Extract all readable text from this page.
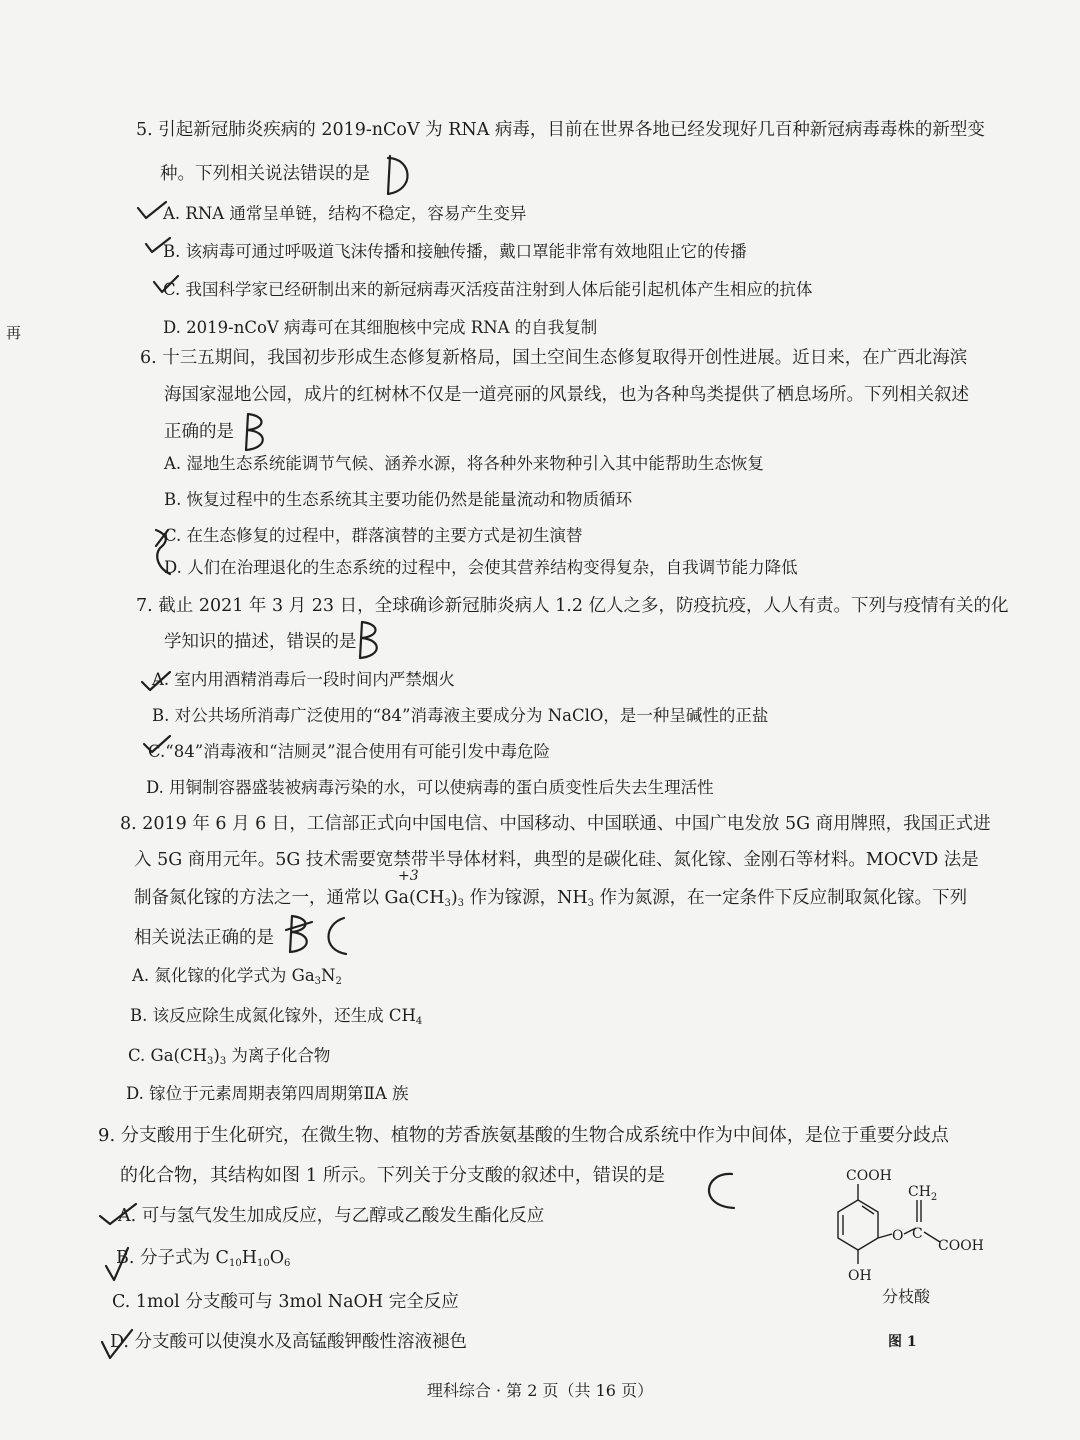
再
5. 引起新冠肺炎疾病的 2019-nCoV 为 RNA 病毒，目前在世界各地已经发现好几百种新冠病毒毒株的新型变
种。下列相关说法错误的是
A. RNA 通常呈单链，结构不稳定，容易产生变异
B. 该病毒可通过呼吸道飞沫传播和接触传播，戴口罩能非常有效地阻止它的传播
C. 我国科学家已经研制出来的新冠病毒灭活疫苗注射到人体后能引起机体产生相应的抗体
D. 2019-nCoV 病毒可在其细胞核中完成 RNA 的自我复制
6. 十三五期间，我国初步形成生态修复新格局，国土空间生态修复取得开创性进展。近日来，在广西北海滨
海国家湿地公园，成片的红树林不仅是一道亮丽的风景线，也为各种鸟类提供了栖息场所。下列相关叙述
正确的是
A. 湿地生态系统能调节气候、涵养水源，将各种外来物种引入其中能帮助生态恢复
B. 恢复过程中的生态系统其主要功能仍然是能量流动和物质循环
C. 在生态修复的过程中，群落演替的主要方式是初生演替
D. 人们在治理退化的生态系统的过程中，会使其营养结构变得复杂，自我调节能力降低
7. 截止 2021 年 3 月 23 日，全球确诊新冠肺炎病人 1.2 亿人之多，防疫抗疫，人人有责。下列与疫情有关的化
学知识的描述，错误的是
A. 室内用酒精消毒后一段时间内严禁烟火
B. 对公共场所消毒广泛使用的“84”消毒液主要成分为 NaClO，是一种呈碱性的正盐
C.“84”消毒液和“洁厕灵”混合使用有可能引发中毒危险
D. 用铜制容器盛装被病毒污染的水，可以使病毒的蛋白质变性后失去生理活性
8. 2019 年 6 月 6 日，工信部正式向中国电信、中国移动、中国联通、中国广电发放 5G 商用牌照，我国正式进
入 5G 商用元年。5G 技术需要宽禁带半导体材料，典型的是碳化硅、氮化镓、金刚石等材料。MOCVD 法是
制备氮化镓的方法之一，通常以 $Ga(CH_3)_3$ 作为镓源，$NH_3$ 作为氮源，在一定条件下反应制取氮化镓。下列
+3
相关说法正确的是
A. 氮化镓的化学式为 $Ga_3N_2$
B. 该反应除生成氮化镓外，还生成 $CH_4$
C. $Ga(CH_3)_3$ 为离子化合物
D. 镓位于元素周期表第四周期第ⅡA 族
9. 分支酸用于生化研究，在微生物、植物的芳香族氨基酸的生物合成系统中作为中间体，是位于重要分歧点
的化合物，其结构如图 1 所示。下列关于分支酸的叙述中，错误的是
A. 可与氢气发生加成反应，与乙醇或乙酸发生酯化反应
B. 分子式为 $C_{10}H_{10}O_6$
C. 1mol 分支酸可与 3mol NaOH 完全反应
D. 分支酸可以使溴水及高锰酸钾酸性溶液褪色
COOH
OH
O C
$CH_2$
COOH
分枝酸
图 1
理科综合 · 第 2 页（共 16 页）
